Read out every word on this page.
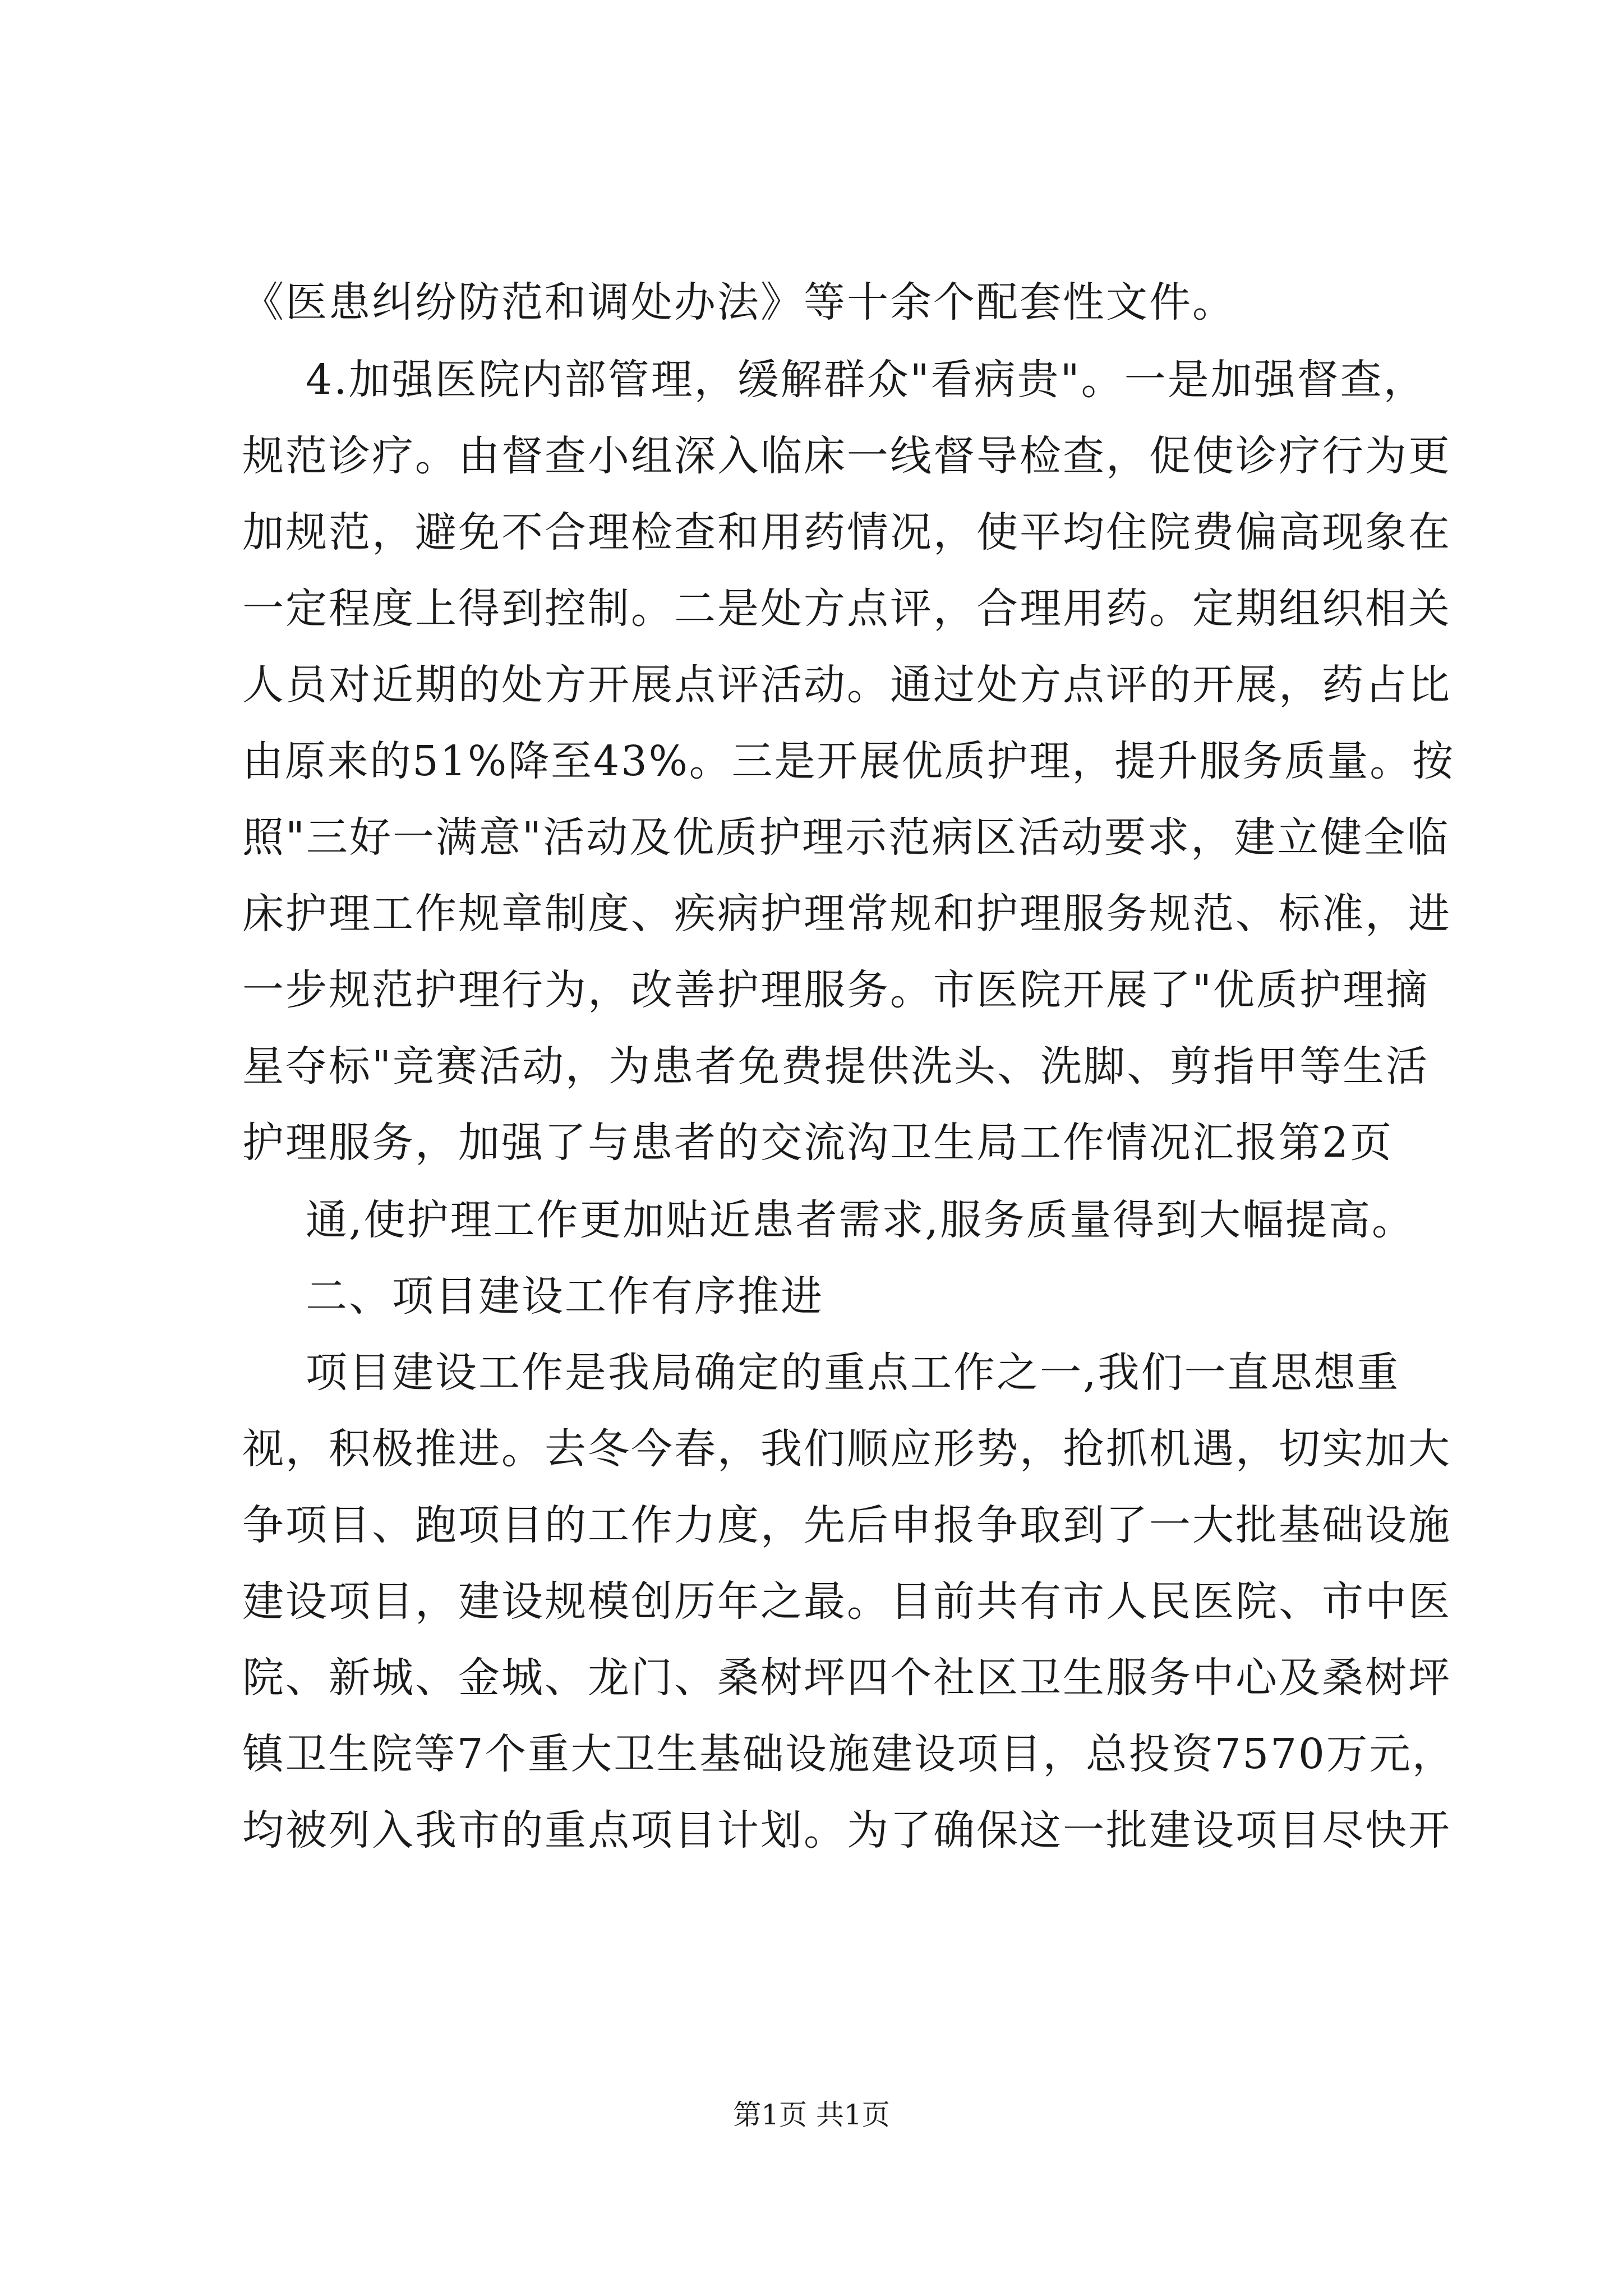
《医患纠纷防范和调处办法》等十余个配套性文件。
4.加强医院内部管理，缓解群众"看病贵"。一是加强督查，
规范诊疗。由督查小组深入临床一线督导检查，促使诊疗行为更
加规范，避免不合理检查和用药情况，使平均住院费偏高现象在
一定程度上得到控制。二是处方点评，合理用药。定期组织相关
人员对近期的处方开展点评活动。通过处方点评的开展，药占比
由原来的51%降至43%。三是开展优质护理，提升服务质量。按
照"三好一满意"活动及优质护理示范病区活动要求，建立健全临
床护理工作规章制度、疾病护理常规和护理服务规范、标准，进
一步规范护理行为，改善护理服务。市医院开展了"优质护理摘
星夺标"竞赛活动，为患者免费提供洗头、洗脚、剪指甲等生活
护理服务，加强了与患者的交流沟卫生局工作情况汇报第2页
通,使护理工作更加贴近患者需求,服务质量得到大幅提高。
二、项目建设工作有序推进
项目建设工作是我局确定的重点工作之一,我们一直思想重
视，积极推进。去冬今春，我们顺应形势，抢抓机遇，切实加大
争项目、跑项目的工作力度，先后申报争取到了一大批基础设施
建设项目，建设规模创历年之最。目前共有市人民医院、市中医
院、新城、金城、龙门、桑树坪四个社区卫生服务中心及桑树坪
镇卫生院等7个重大卫生基础设施建设项目，总投资7570万元，
均被列入我市的重点项目计划。为了确保这一批建设项目尽快开
第1页 共1页
